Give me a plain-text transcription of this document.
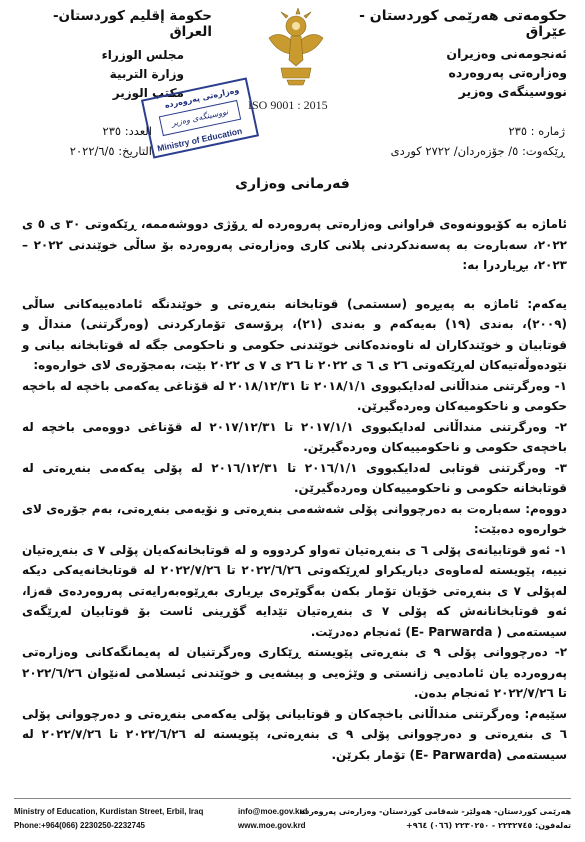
حکومەتی هەرێمی کوردستان - عێراق
ئەنجومەنی وەزیران
وەزارەتی پەروەردە
نووسینگەی وەزیر
حكومة إقليم كوردستان- العراق
مجلس الوزراء
وزارة التربية
مكتب الوزير
ISO 9001 : 2015
وەزارەتی پەروەردە
نووسینگەی وەزیر
Ministry of Education	ژمارە : ٢٣٥
ڕێکەوت: ٥/ جۆزەردان/ ٢٧٢٢ کوردی
العدد: ٢٣٥
التاريخ: ٢٠٢٢/٦/٥
فەرمانی وەزاری

ئاماژە بە كۆبوونەوەی فراوانی وەزارەتی پەروەردە لە ڕۆژی دووشەممە، ڕێكەوتی ٣٠ ی ٥ ی ٢٠٢٢، سەبارەت بە پەسەندكردنی پلانی كاری وەزارەتی پەروەردە بۆ ساڵی خوێندنی ٢٠٢٢ – ٢٠٢٣، بڕیاردرا بە:

یەكەم: ئاماژە بە پەیڕەو (سستمی) قوتابخانە بنەڕەتی و خوێندنگە ئامادەییەكانی ساڵی (٢٠٠٩)، بەندی (١٩) بەیەكەم و بەندی (٢١)، پرۆسەی تۆماركردنی (وەرگرتنی) منداڵ و قوتابیان و خوێندكاران لە ناوەندەكانی خوێندنی حكومی و ناحكومی جگە لە قوتابخانە بیانی و نێودەوڵەتیەكان لەڕێكەوتی ٢٦ ی ٦ ی ٢٠٢٢ تا ٢٦ ی ٧ ی ٢٠٢٢ بێت، بەمجۆرەی لای خوارەوە:

١- وەرگرتنی منداڵانی لەدایكبووی ٢٠١٨/١/١ تا ٢٠١٨/١٢/٣١ لە قۆناغی یەكەمی باخچە لە باخچە حكومی و ناحكومیەكان وەردەگیرێن.

٢- وەرگرتنی منداڵانی لەدایكبووی ٢٠١٧/١/١ تا ٢٠١٧/١٢/٣١ لە قۆناغی دووەمی باخچە لە باخچەی حكومی و ناحكومییەكان وەردەگیرێن.

٣- وەرگرتنی قوتابی لەدایكبووی ٢٠١٦/١/١ تا ٢٠١٦/١٢/٣١ لە پۆلی یەكەمی بنەڕەتی لە قوتابخانە حكومی و ناحكومییەكان وەردەگیرێن.

دووەم: سەبارەت بە دەرچووانی پۆلی شەشەمی بنەڕەتی و نۆیەمی بنەڕەتی، بەم جۆرەی لای خوارەوە دەبێت:

١- ئەو قوتابیانەی پۆلی ٦ ی بنەڕەتیان تەواو كردووە و لە قوتابخانەكەیان پۆلی ٧ ی بنەڕەتیان نییە، پێویستە لەماوەی دیاریكراو لەڕێكەوتی ٢٠٢٢/٦/٢٦ تا ٢٠٢٢/٧/٢٦ لە قوتابخانەیەكی دیكە لەپۆلی ٧ ی بنەڕەتی خۆیان تۆمار بكەن بەگوێرەی بڕیاری بەڕێوەبەرایەتی پەروەردەی قەزا، ئەو قوتابخانانەش كە پۆلی ٧ ی بنەڕەتیان تێدایە گۆڕینی ئاست بۆ قوتابیان لەڕێگەی سیستەمی ( E- Parwarda) ئەنجام دەدرێت.

٢- دەرچووانی پۆلی ٩ ی بنەڕەتی پێویستە ڕێكاری وەرگرتنیان لە پەیمانگەكانی وەزارەتی پەروەردە یان ئامادەیی زانستی و وێژەیی و پیشەیی و خوێندنی ئیسلامی لەنێوان ٢٠٢٢/٦/٢٦ تا ٢٠٢٢/٧/٢٦ ئەنجام بدەن.

سێیەم: وەرگرتنی منداڵانی باخچەكان و قوتابیانی پۆلی یەكەمی بنەڕەتی و دەرچووانی پۆلی ٦ ی بنەڕەتی و دەرچووانی پۆلی ٩ ی بنەڕەتی، پێویستە لە ٢٠٢٢/٦/٢٦ تا ٢٠٢٢/٧/٢٦ لە سیستەمی (E- Parwarda) تۆمار بكرێن.

Ministry of Education, Kurdistan Street, Erbil, Iraq
Phone:+964(066) 2230250-2232745
info@moe.gov.krd
www.moe.gov.krd
هەرێمی كوردستان- هەولێر- شەقامی كوردستان- وەزارەتی پەروەردە
تەلەفون: ٢٢٣٢٧٤٥ - ٢٢٣٠٢٥٠ (٠٦٦) ٩٦٤+
